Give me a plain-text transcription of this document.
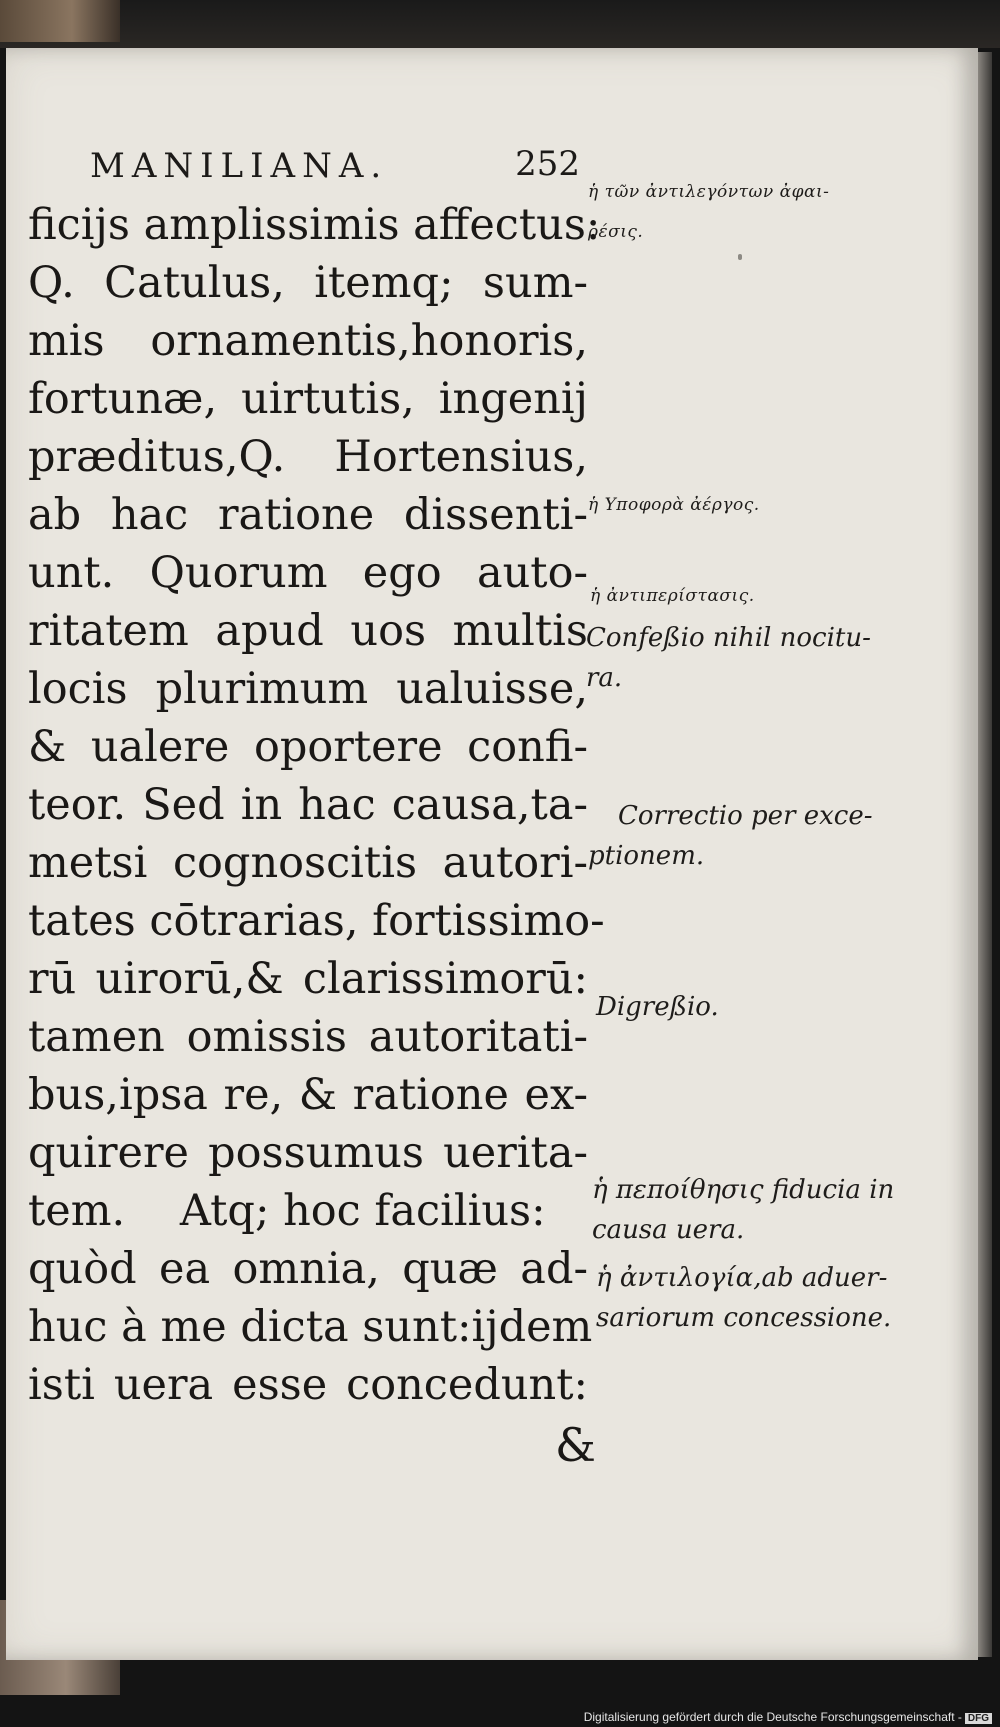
MANILIANA.	252
ficijs amplissimis affectus:
Q. Catulus, itemq; sum-
mis ornamentis,honoris,
fortunæ, uirtutis, ingenij
præditus,Q. Hortensius,
ab hac ratione dissenti-
unt. Quorum ego auto-
ritatem apud uos multis
locis plurimum ualuisse,
& ualere oportere confi-
teor. Sed in hac causa,ta-
metsi cognoscitis autori-
tates cōtrarias, fortissimo-
rū uirorū,& clarissimorū:
tamen omissis autoritati-
bus,ipsa re, & ratione ex-
quirere possumus uerita-
tem.    Atq; hoc facilius:
quòd ea omnia, quæ ad-
huc à me dicta sunt:ijdem
isti uera esse concedunt:
&
ἡ τῶν ἀντιλεγόντων ἀφαι-
ρέσις.
ἡ Υποφορὰ ἀέργος.
ἡ ἀντιπερίστασις.
Confeßio nihil nocitu-
ra.
Correctio per exce-
ptionem.
Digreßio.
ἡ πεποίθησις fiducia in
causa uera.
ἡ ἀντιλογία,ab aduer-
sariorum concessione.
Digitalisierung gefördert durch die Deutsche Forschungsgemeinschaft - DFG
